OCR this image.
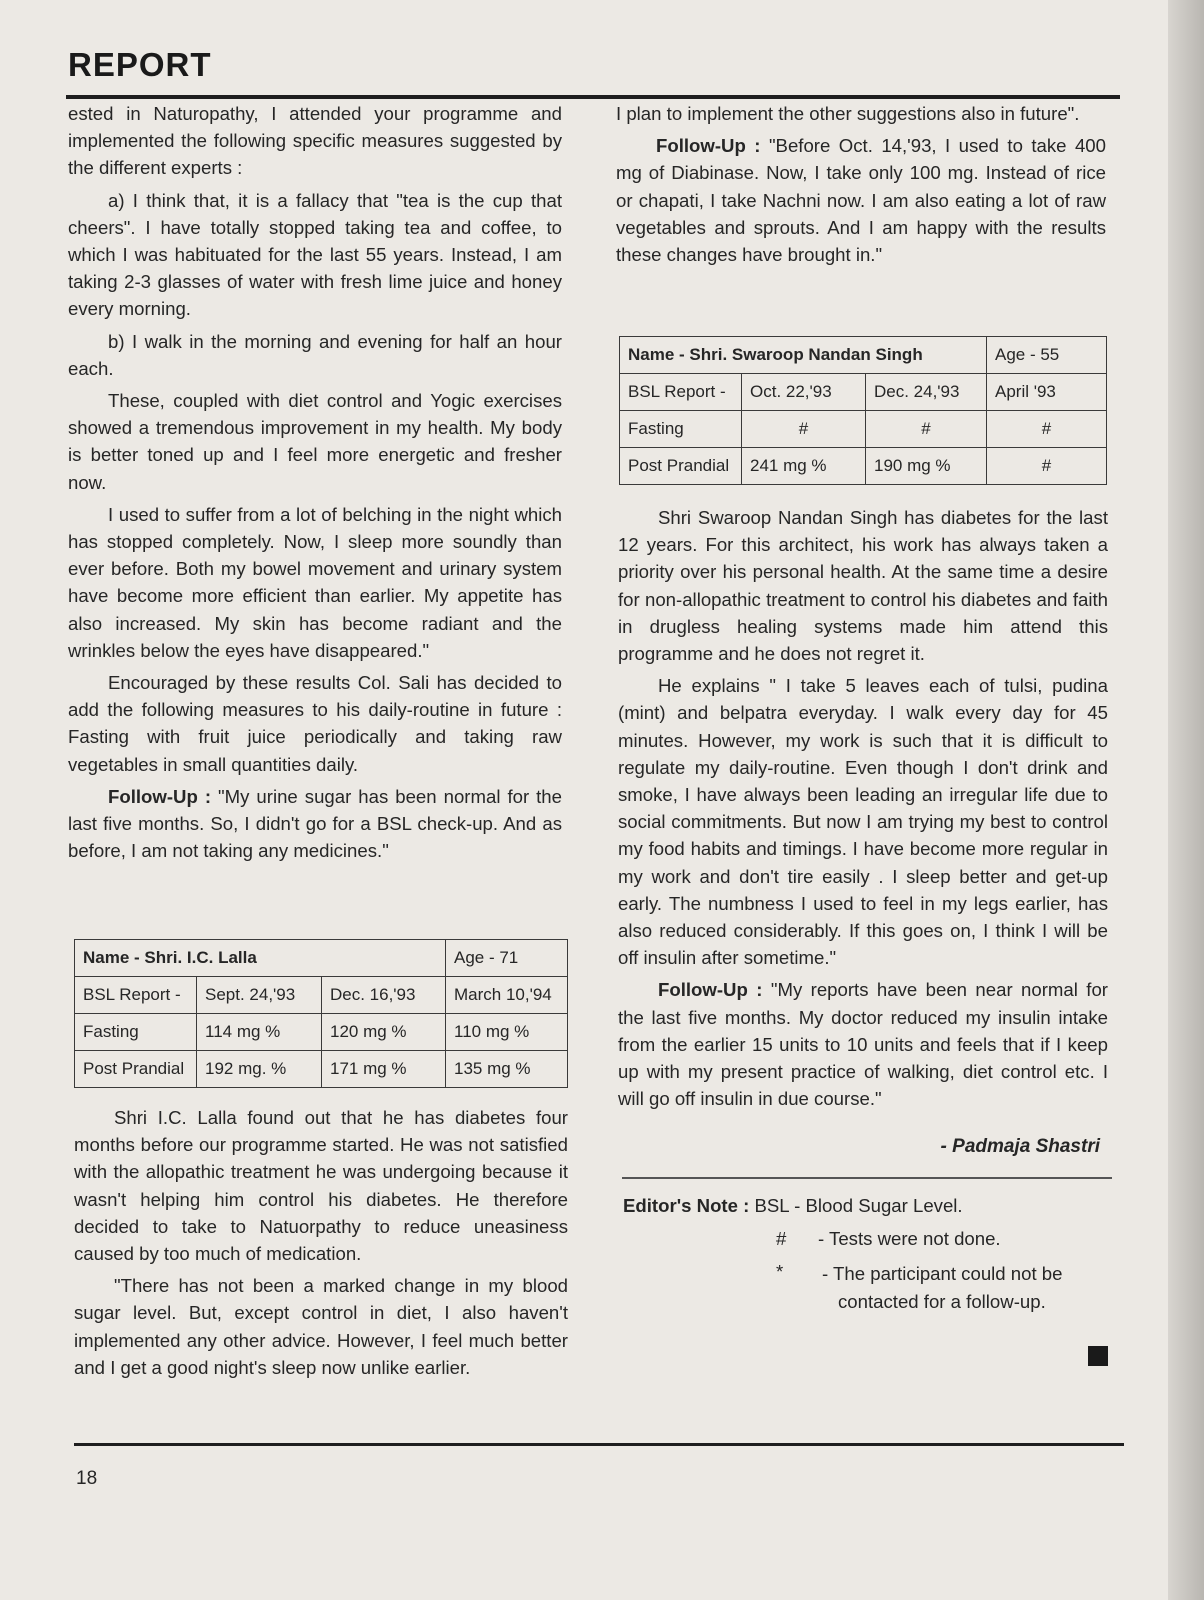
REPORT

ested in Naturopathy, I attended your programme and implemented the following specific measures suggested by the different experts :

a) I think that, it is a fallacy that "tea is the cup that cheers". I have totally stopped taking tea and coffee, to which I was habituated for the last 55 years. Instead, I am taking 2-3 glasses of water with fresh lime juice and honey every morning.

b) I walk in the morning and evening for half an hour each.

These, coupled with diet control and Yogic exercises showed a tremendous improvement in my health. My body is better toned up and I feel more energetic and fresher now.

I used to suffer from a lot of belching in the night which has stopped completely. Now, I sleep more soundly than ever before. Both my bowel movement and urinary system have become more efficient than earlier. My appetite has also increased. My skin has become radiant and the wrinkles below the eyes have disappeared."

Encouraged by these results Col. Sali has decided to add the following measures to his daily-routine in future : Fasting with fruit juice periodically and taking raw vegetables in small quantities daily.

Follow-Up : "My urine sugar has been normal for the last five months. So, I didn't go for a BSL check-up. And as before, I am not taking any medicines."

Name - Shri. I.C. Lalla			Age - 71
BSL Report -	Sept. 24,'93	Dec. 16,'93	March 10,'94
Fasting	114 mg %	120 mg %	110 mg %
Post Prandial	192 mg. %	171 mg %	135 mg %

Shri I.C. Lalla found out that he has diabetes four months before our programme started. He was not satisfied with the allopathic treatment he was undergoing because it wasn't helping him control his diabetes. He therefore decided to take to Natuorpathy to reduce uneasiness caused by too much of medication.

"There has not been a marked change in my blood sugar level. But, except control in diet, I also haven't implemented any other advice. However, I feel much better and I get a good night's sleep now unlike earlier.

I plan to implement the other suggestions also in future".

Follow-Up : "Before Oct. 14,'93, I used to take 400 mg of Diabinase. Now, I take only 100 mg. Instead of rice or chapati, I take Nachni now. I am also eating a lot of raw vegetables and sprouts. And I am happy with the results these changes have brought in."

Name - Shri. Swaroop Nandan Singh			Age - 55
BSL Report -	Oct. 22,'93	Dec. 24,'93	April '93
Fasting	#	#	#
Post Prandial	241 mg %	190 mg %	#

Shri Swaroop Nandan Singh has diabetes for the last 12 years. For this architect, his work has always taken a priority over his personal health. At the same time a desire for non-allopathic treatment to control his diabetes and faith in drugless healing systems made him attend this programme and he does not regret it.

He explains " I take 5 leaves each of tulsi, pudina (mint) and belpatra everyday. I walk every day for 45 minutes. However, my work is such that it is difficult to regulate my daily-routine. Even though I don't drink and smoke, I have always been leading an irregular life due to social commitments. But now I am trying my best to control my food habits and timings. I have become more regular in my work and don't tire easily . I sleep better and get-up early. The numbness I used to feel in my legs earlier, has also reduced considerably. If this goes on, I think I will be off insulin after sometime."

Follow-Up : "My reports have been near normal for the last five months. My doctor reduced my insulin intake from the earlier 15 units to 10 units and feels that if I keep up with my present practice of walking, diet control etc. I will go off insulin in due course."

- Padmaja Shastri
Editor's Note : BSL - Blood Sugar Level.
# - Tests were not done.
* - The participant could not be
contacted for a follow-up.
18
